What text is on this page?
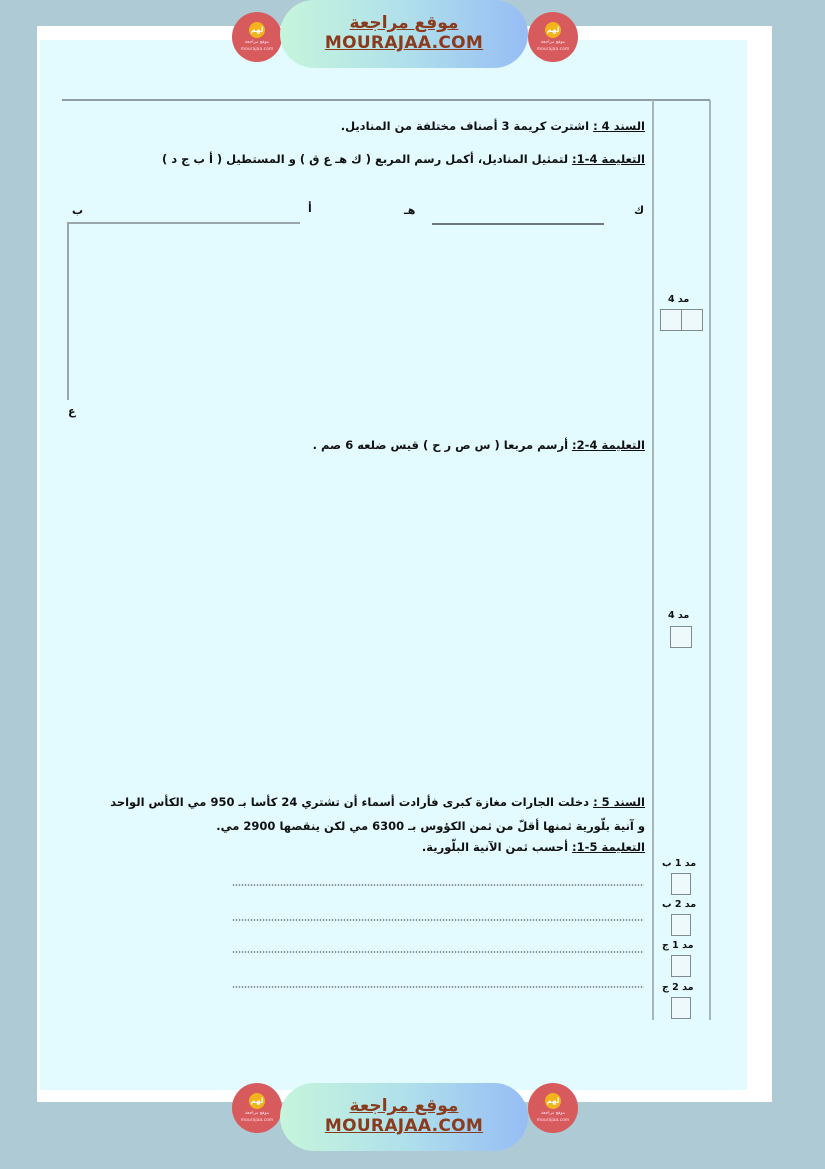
لهم
موقع مراجعة
mourajaa.com
موقع مراجعة
MOURAJAA.COM
لهم
موقع مراجعة
mourajaa.com
السند 4 : اشترت كريمة 3 أصناف مختلفة من المناديل.
التعليمة 4-1: لتمثيل المناديل، أكمل رسم المربع ( ك هـ ع ق ) و المستطيل ( أ ب ج د )
ك
هـ
أ
ب
ع
مد 4
التعليمة 4-2: أرسم مربعا ( س ص ر ح ) قيس ضلعه 6 صم .
مد 4
السند 5 : دخلت الجارات مغازة كبرى فأرادت أسماء أن تشتري 24 كأسا بـ 950 مي الكأس الواحد
و آنية بلّورية ثمنها أقلّ من ثمن الكؤوس بـ 6300 مي لكن ينقصها 2900 مي.
التعليمة 5-1: أحسب ثمن الآنية البلّورية.
مد 1 ب
مد 2 ب
مد 1 ج
مد 2 ج
لهم
موقع مراجعة
mourajaa.com
موقع مراجعة
MOURAJAA.COM
لهم
موقع مراجعة
mourajaa.com
